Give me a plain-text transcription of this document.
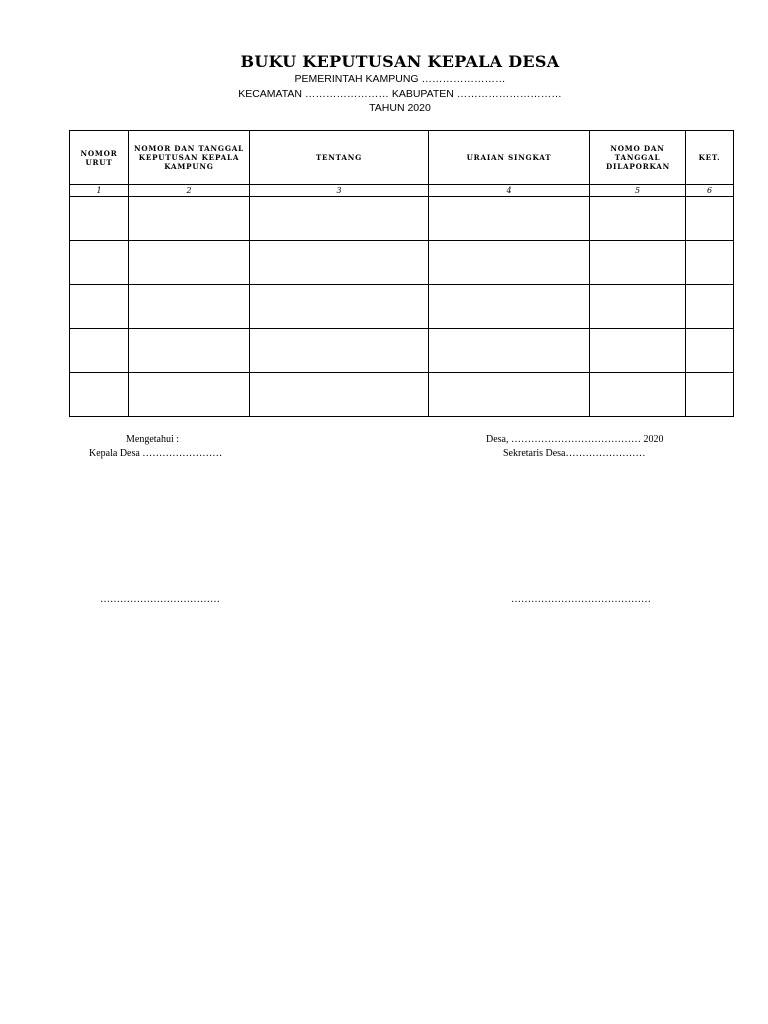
BUKU KEPUTUSAN KEPALA DESA
PEMERINTAH KAMPUNG ……………………
KECAMATAN …………………… KABUPATEN …………………………
TAHUN 2020
NOMOR URUT	NOMOR DAN TANGGAL KEPUTUSAN KEPALA KAMPUNG	TENTANG	URAIAN SINGKAT	NOMO DAN TANGGAL DILAPORKAN	KET.
1	2	3	4	5	6

Mengetahui :
Kepala Desa ……………………
Desa, ………………………………… 2020
Sekretaris Desa……………………
………………………………	……………………………………
